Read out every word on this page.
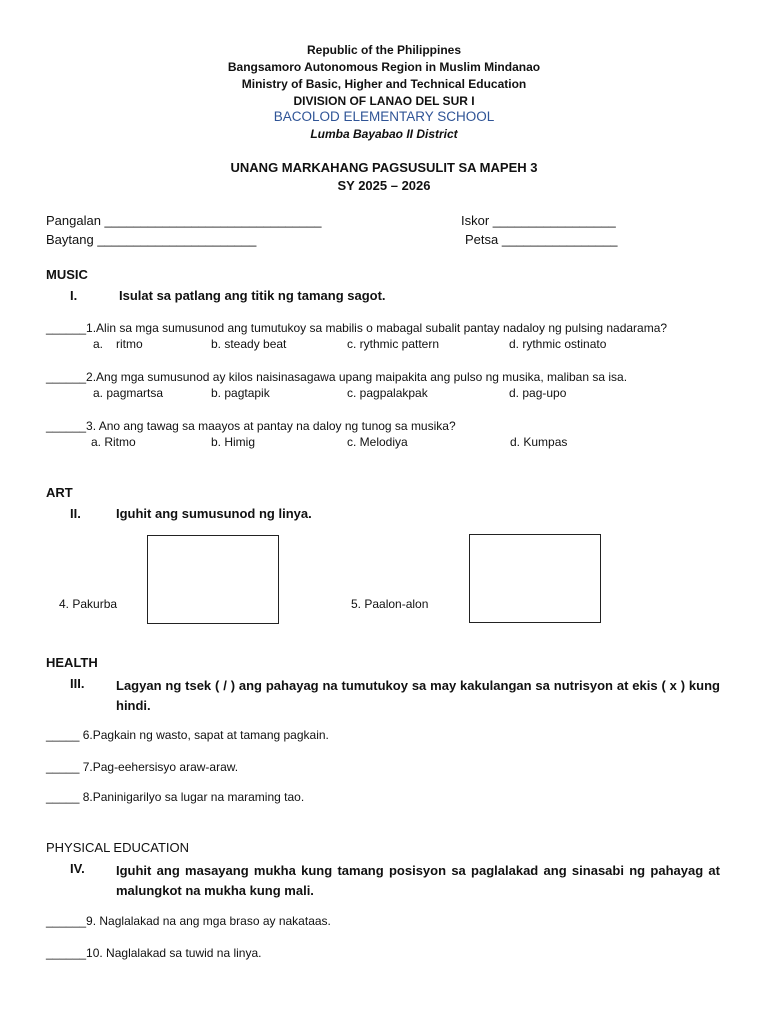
Republic of the Philippines
Bangsamoro Autonomous Region in Muslim Mindanao
Ministry of Basic, Higher and Technical Education
DIVISION OF LANAO DEL SUR I
BACOLOD ELEMENTARY SCHOOL
Lumba Bayabao II District
UNANG MARKAHANG PAGSUSULIT SA MAPEH 3
SY 2025 – 2026
Pangalan ______________________________	Iskor _________________
Baytang ______________________	Petsa ________________
MUSIC
I.	Isulat sa patlang ang titik ng tamang sagot.
______1.Alin sa mga sumusunod ang tumutukoy sa mabilis o mabagal subalit pantay nadaloy ng pulsing nadarama?
a. ritmo	b. steady beat	c. rythmic pattern	d. rythmic ostinato
______2.Ang mga sumusunod ay kilos naisinasagawa upang maipakita ang pulso ng musika, maliban sa isa.
a. pagmartsa	b. pagtapik	c. pagpalakpak	d. pag-upo
______3. Ano ang tawag sa maayos at pantay na daloy ng tunog sa musika?
a. Ritmo	b. Himig	c. Melodiya	d. Kumpas
ART
II.	Iguhit ang sumusunod ng linya.
4. Pakurba	5. Paalon-alon
HEALTH
III. Lagyan ng tsek ( / ) ang pahayag na tumutukoy sa may kakulangan sa nutrisyon at ekis ( x ) kung hindi.
_____ 6.Pagkain ng wasto, sapat at tamang pagkain.
_____ 7.Pag-eehersisyo araw-araw.
_____ 8.Paninigarilyo sa lugar na maraming tao.
PHYSICAL EDUCATION
IV. Iguhit ang masayang mukha kung tamang posisyon sa paglalakad ang sinasabi ng pahayag at malungkot na mukha kung mali.
______9. Naglalakad na ang mga braso ay nakataas.
______10. Naglalakad sa tuwid na linya.
